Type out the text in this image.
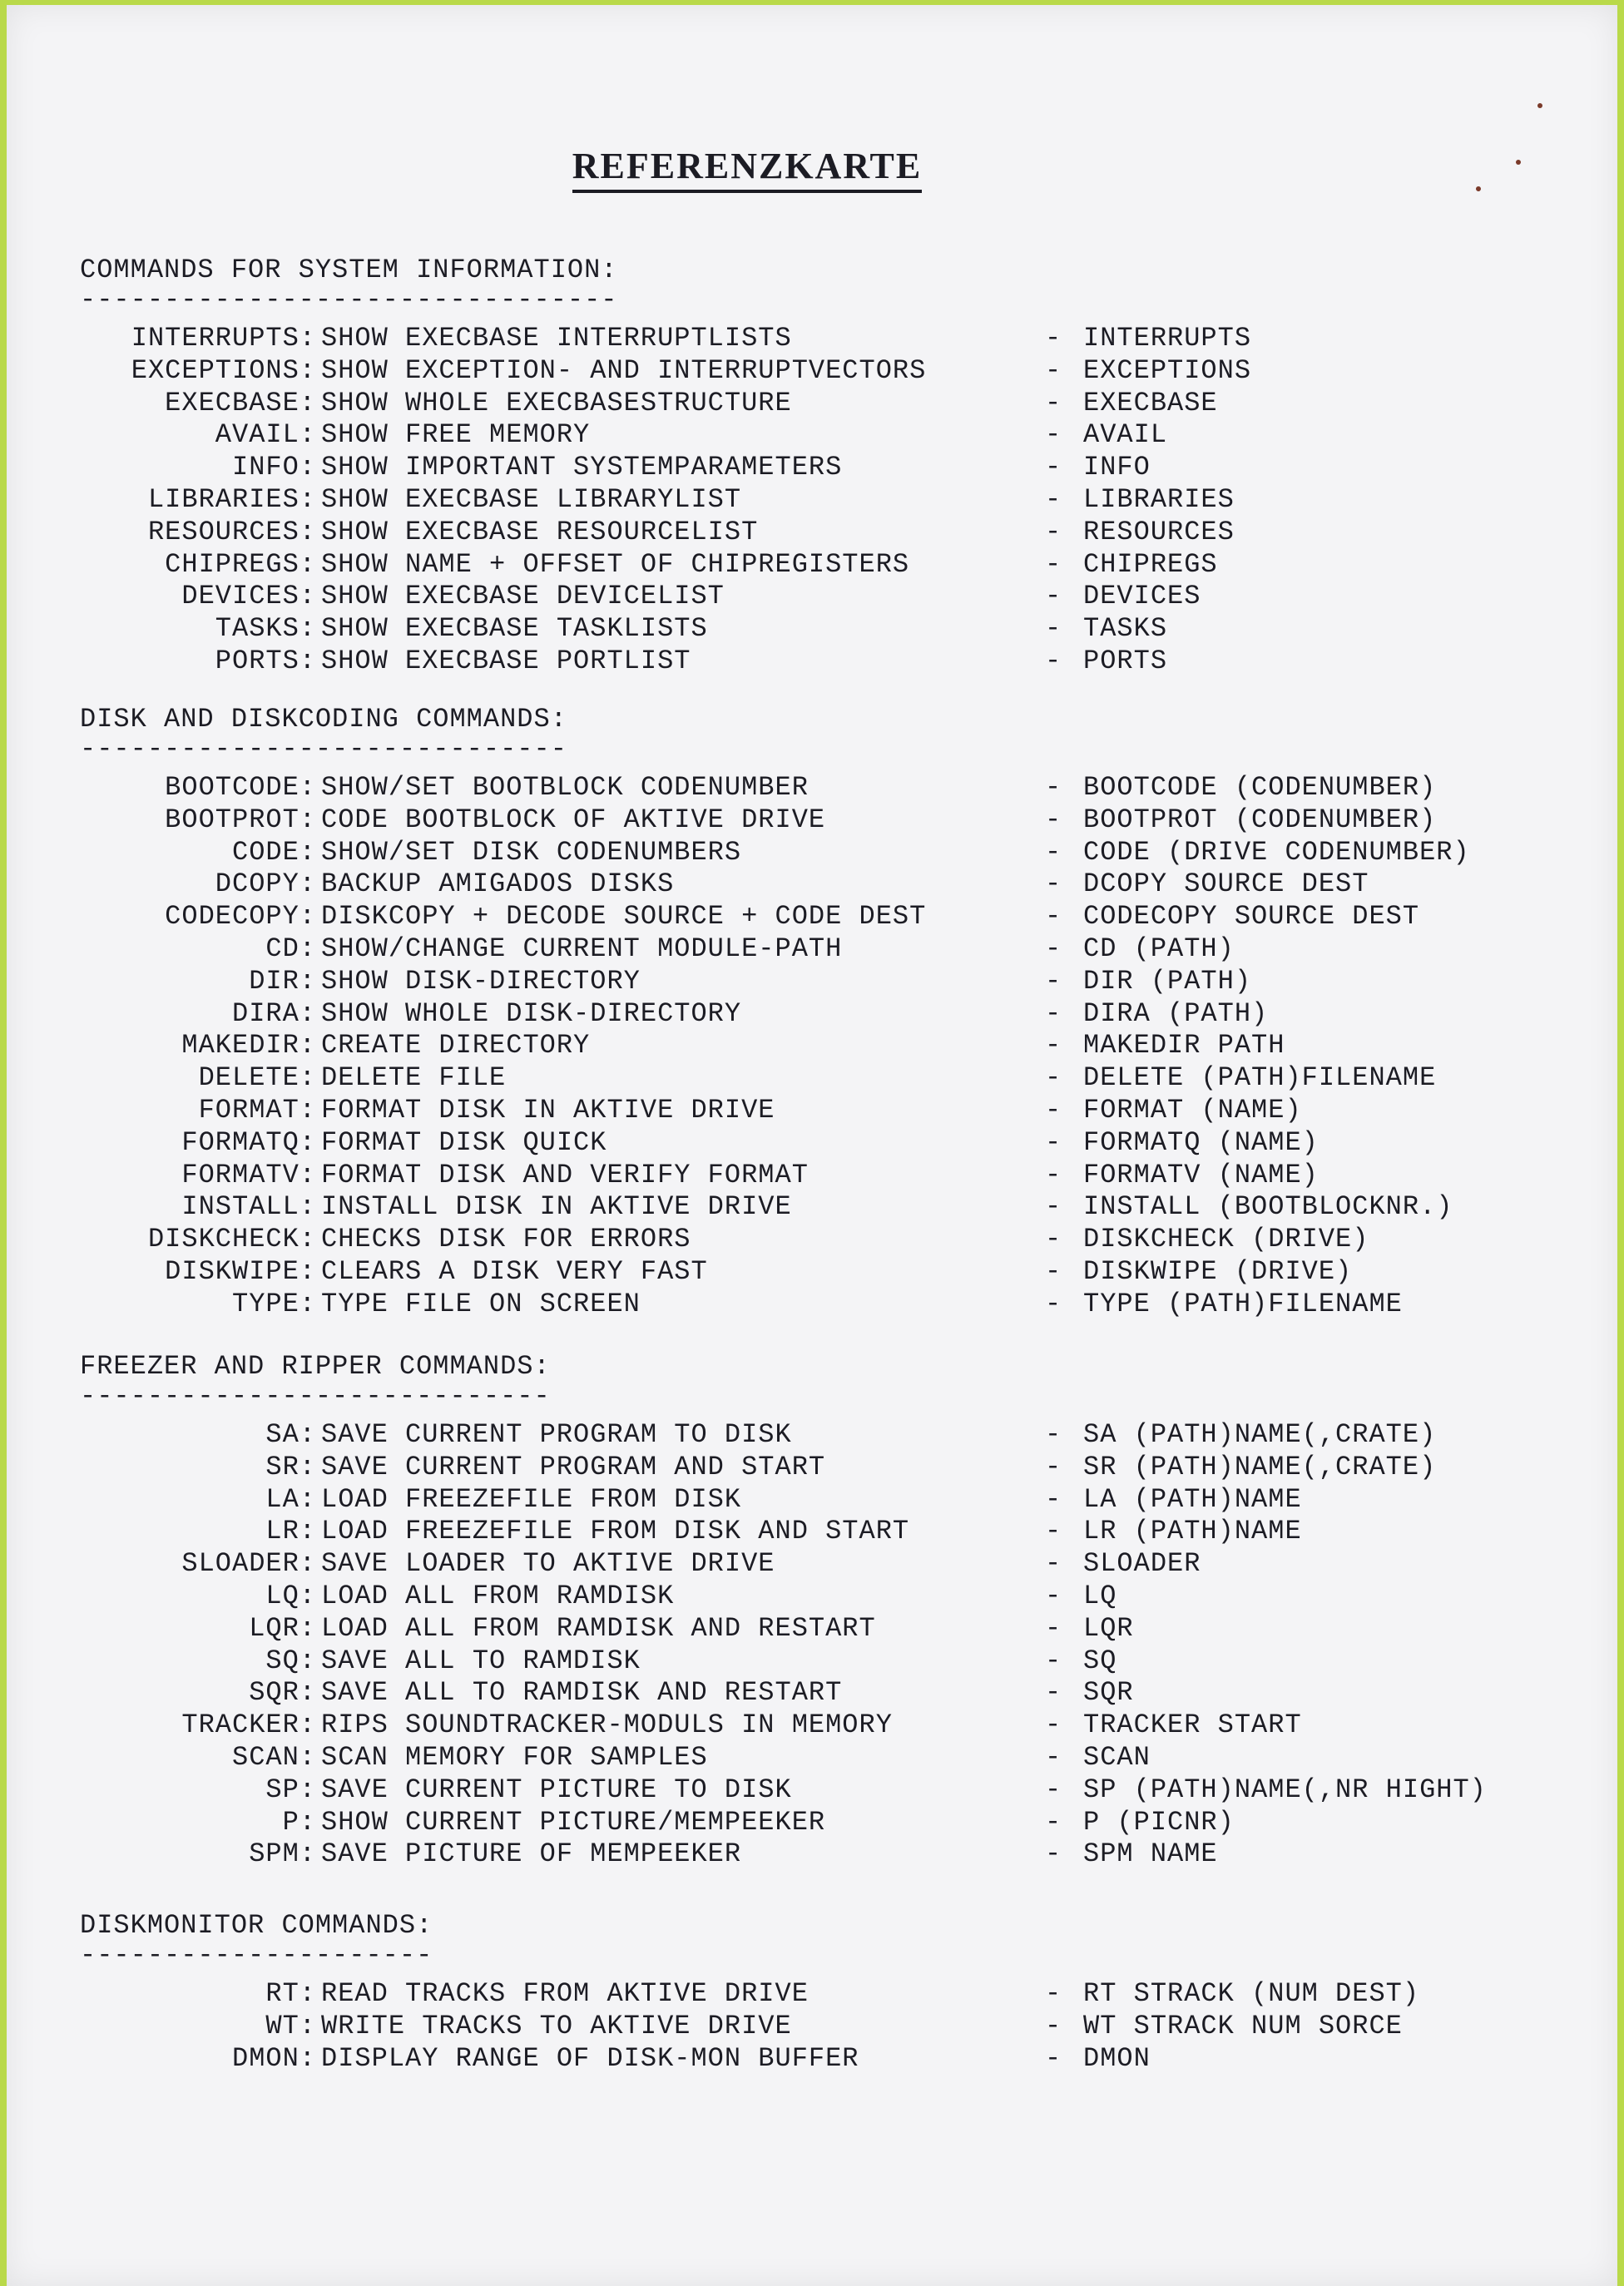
REFERENZKARTE
COMMANDS FOR SYSTEM INFORMATION:
--------------------------------
INTERRUPTS: SHOW EXECBASE INTERRUPTLISTS	- INTERRUPTS
EXCEPTIONS: SHOW EXCEPTION- AND INTERRUPTVECTORS	- EXCEPTIONS
EXECBASE: SHOW WHOLE EXECBASESTRUCTURE	- EXECBASE
AVAIL: SHOW FREE MEMORY	- AVAIL
INFO: SHOW IMPORTANT SYSTEMPARAMETERS	- INFO
LIBRARIES: SHOW EXECBASE LIBRARYLIST	- LIBRARIES
RESOURCES: SHOW EXECBASE RESOURCELIST	- RESOURCES
CHIPREGS: SHOW NAME + OFFSET OF CHIPREGISTERS	- CHIPREGS
DEVICES: SHOW EXECBASE DEVICELIST	- DEVICES
TASKS: SHOW EXECBASE TASKLISTS	- TASKS
PORTS: SHOW EXECBASE PORTLIST	- PORTS
DISK AND DISKCODING COMMANDS:
-----------------------------
BOOTCODE: SHOW/SET BOOTBLOCK CODENUMBER	- BOOTCODE (CODENUMBER)
BOOTPROT: CODE BOOTBLOCK OF AKTIVE DRIVE	- BOOTPROT (CODENUMBER)
CODE: SHOW/SET DISK CODENUMBERS	- CODE (DRIVE CODENUMBER)
DCOPY: BACKUP AMIGADOS DISKS	- DCOPY SOURCE DEST
CODECOPY: DISKCOPY + DECODE SOURCE + CODE DEST	- CODECOPY SOURCE DEST
CD: SHOW/CHANGE CURRENT MODULE-PATH	- CD (PATH)
DIR: SHOW DISK-DIRECTORY	- DIR (PATH)
DIRA: SHOW WHOLE DISK-DIRECTORY	- DIRA (PATH)
MAKEDIR: CREATE DIRECTORY	- MAKEDIR PATH
DELETE: DELETE FILE	- DELETE (PATH)FILENAME
FORMAT: FORMAT DISK IN AKTIVE DRIVE	- FORMAT (NAME)
FORMATQ: FORMAT DISK QUICK	- FORMATQ (NAME)
FORMATV: FORMAT DISK AND VERIFY FORMAT	- FORMATV (NAME)
INSTALL: INSTALL DISK IN AKTIVE DRIVE	- INSTALL (BOOTBLOCKNR.)
DISKCHECK: CHECKS DISK FOR ERRORS	- DISKCHECK (DRIVE)
DISKWIPE: CLEARS A DISK VERY FAST	- DISKWIPE (DRIVE)
TYPE: TYPE FILE ON SCREEN	- TYPE (PATH)FILENAME
FREEZER AND RIPPER COMMANDS:
----------------------------
SA: SAVE CURRENT PROGRAM TO DISK	- SA (PATH)NAME(,CRATE)
SR: SAVE CURRENT PROGRAM AND START	- SR (PATH)NAME(,CRATE)
LA: LOAD FREEZEFILE FROM DISK	- LA (PATH)NAME
LR: LOAD FREEZEFILE FROM DISK AND START	- LR (PATH)NAME
SLOADER: SAVE LOADER TO AKTIVE DRIVE	- SLOADER
LQ: LOAD ALL FROM RAMDISK	- LQ
LQR: LOAD ALL FROM RAMDISK AND RESTART	- LQR
SQ: SAVE ALL TO RAMDISK	- SQ
SQR: SAVE ALL TO RAMDISK AND RESTART	- SQR
TRACKER: RIPS SOUNDTRACKER-MODULS IN MEMORY	- TRACKER START
SCAN: SCAN MEMORY FOR SAMPLES	- SCAN
SP: SAVE CURRENT PICTURE TO DISK	- SP (PATH)NAME(,NR HIGHT)
P: SHOW CURRENT PICTURE/MEMPEEKER	- P (PICNR)
SPM: SAVE PICTURE OF MEMPEEKER	- SPM NAME
DISKMONITOR COMMANDS:
---------------------
RT: READ TRACKS FROM AKTIVE DRIVE	- RT STRACK (NUM DEST)
WT: WRITE TRACKS TO AKTIVE DRIVE	- WT STRACK NUM SORCE
DMON: DISPLAY RANGE OF DISK-MON BUFFER	- DMON
